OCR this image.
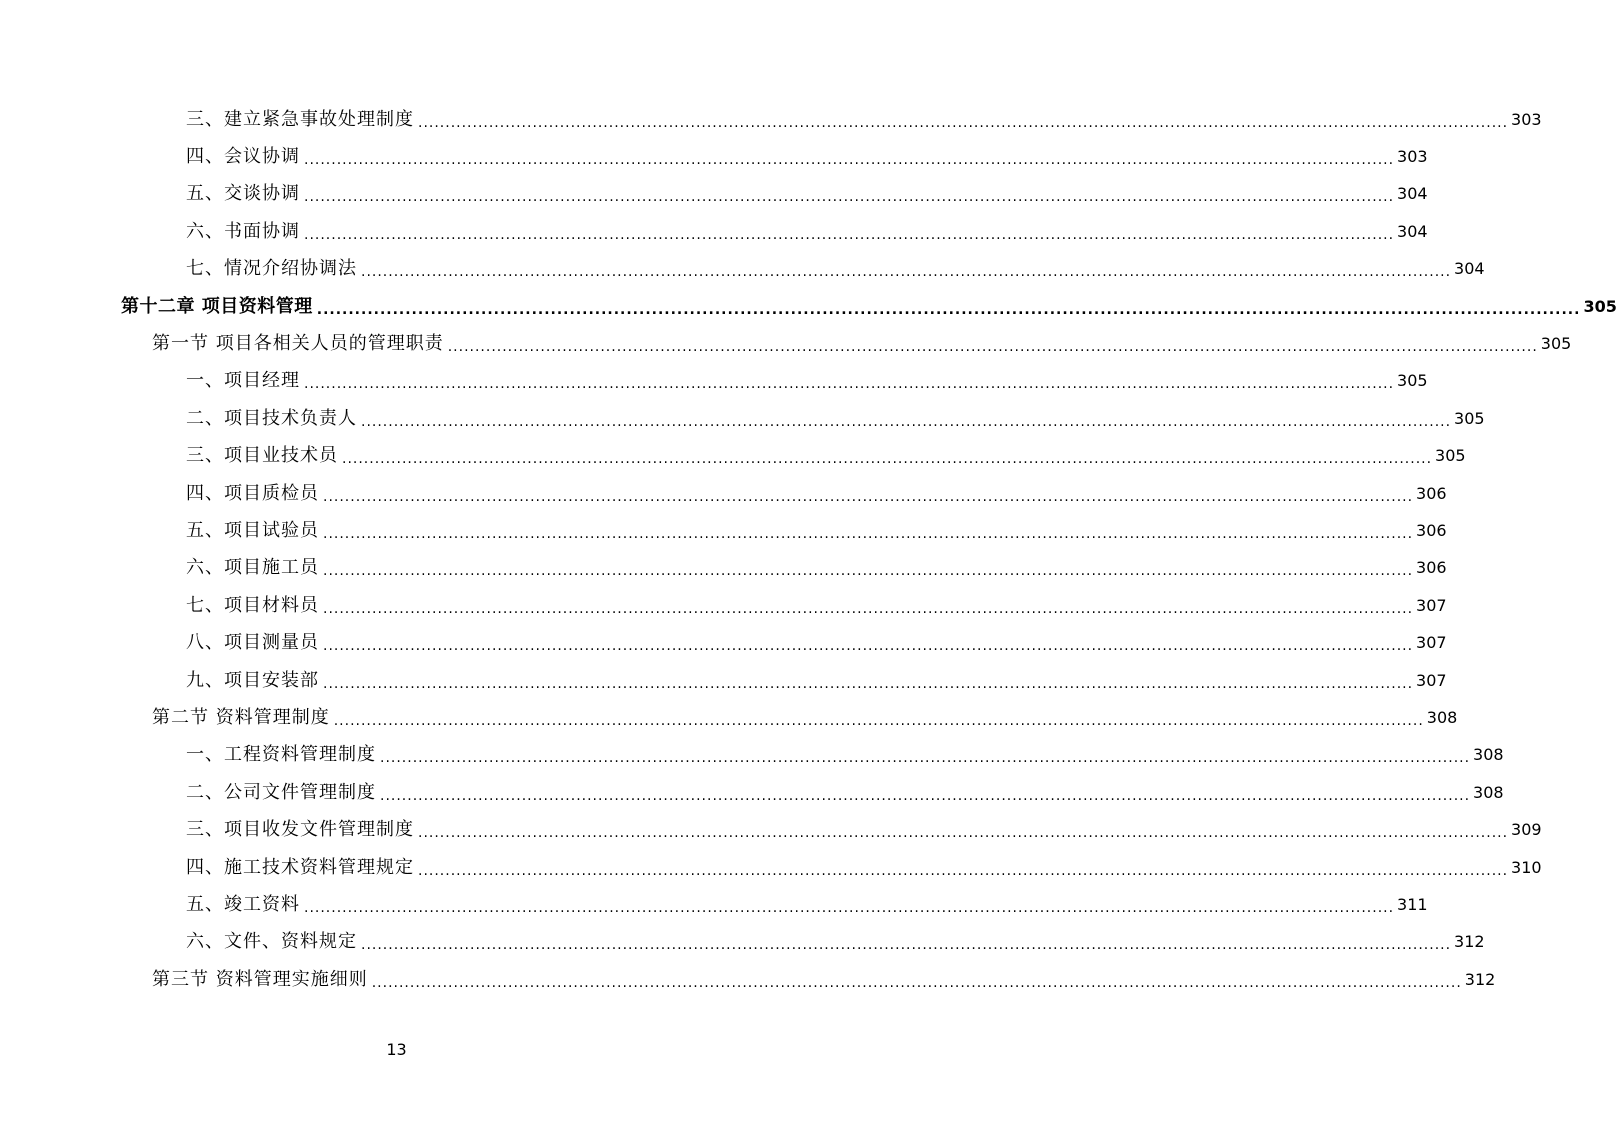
三、建立紧急事故处理制度 ........................................................................................................................................................................................................ 303
四、会议协调 ........................................................................................................................................................................................................ 303
五、交谈协调 ........................................................................................................................................................................................................ 304
六、书面协调 ........................................................................................................................................................................................................ 304
七、情况介绍协调法 ........................................................................................................................................................................................................ 304
第十二章 项目资料管理 ........................................................................................................................................................................................................ 305
第一节 项目各相关人员的管理职责 ........................................................................................................................................................................................................ 305
一、项目经理 ........................................................................................................................................................................................................ 305
二、项目技术负责人 ........................................................................................................................................................................................................ 305
三、项目业技术员 ........................................................................................................................................................................................................ 305
四、项目质检员 ........................................................................................................................................................................................................ 306
五、项目试验员 ........................................................................................................................................................................................................ 306
六、项目施工员 ........................................................................................................................................................................................................ 306
七、项目材料员 ........................................................................................................................................................................................................ 307
八、项目测量员 ........................................................................................................................................................................................................ 307
九、项目安装部 ........................................................................................................................................................................................................ 307
第二节 资料管理制度 ........................................................................................................................................................................................................ 308
一、工程资料管理制度 ........................................................................................................................................................................................................ 308
二、公司文件管理制度 ........................................................................................................................................................................................................ 308
三、项目收发文件管理制度 ........................................................................................................................................................................................................ 309
四、施工技术资料管理规定 ........................................................................................................................................................................................................ 310
五、竣工资料 ........................................................................................................................................................................................................ 311
六、文件、资料规定 ........................................................................................................................................................................................................ 312
第三节 资料管理实施细则 ........................................................................................................................................................................................................ 312
13
